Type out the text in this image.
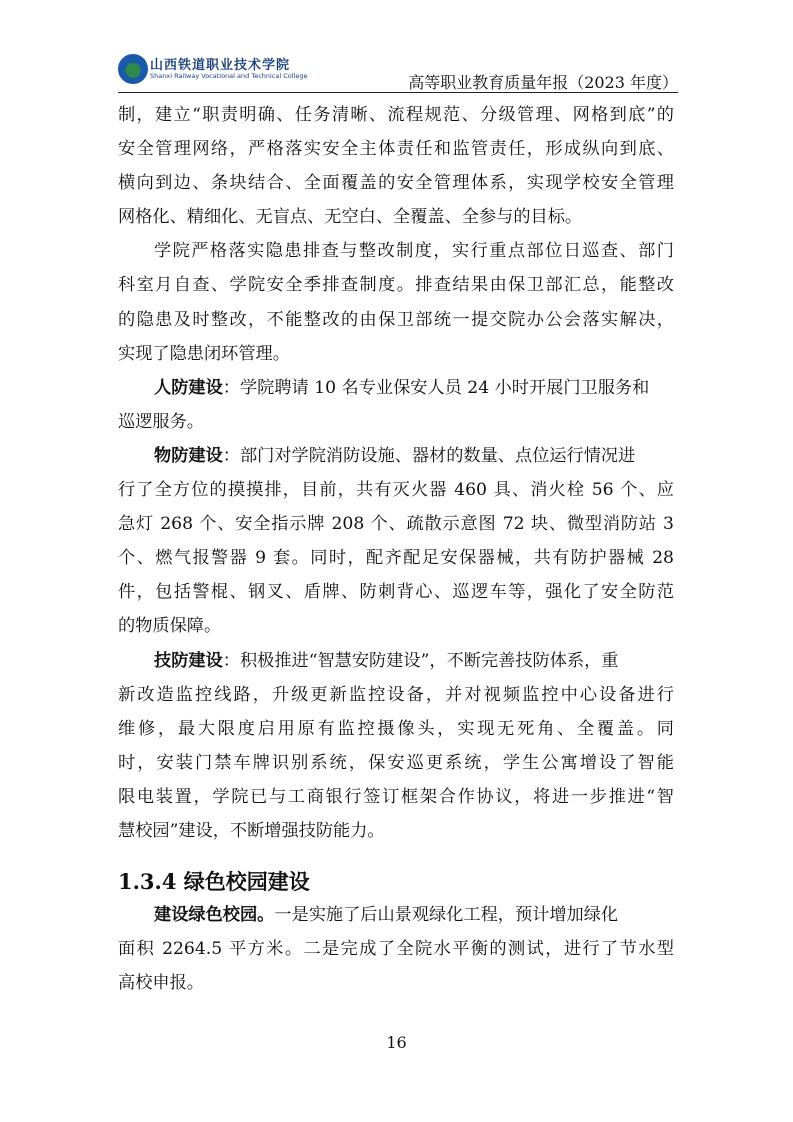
山西铁道职业技术学院
Shanxi Railway Vocational and Technical College	高等职业教育质量年报（2023 年度）
制，建立“职责明确、任务清晰、流程规范、分级管理、网格到底”的
安全管理网络，严格落实安全主体责任和监管责任，形成纵向到底、
横向到边、条块结合、全面覆盖的安全管理体系，实现学校安全管理
网格化、精细化、无盲点、无空白、全覆盖、全参与的目标。
学院严格落实隐患排查与整改制度，实行重点部位日巡查、部门
科室月自查、学院安全季排查制度。排查结果由保卫部汇总，能整改
的隐患及时整改，不能整改的由保卫部统一提交院办公会落实解决，
实现了隐患闭环管理。
人防建设：学院聘请 10 名专业保安人员 24 小时开展门卫服务和
巡逻服务。
物防建设：部门对学院消防设施、器材的数量、点位运行情况进
行了全方位的摸摸排，目前，共有灭火器 460 具、消火栓 56 个、应
急灯 268 个、安全指示牌 208 个、疏散示意图 72 块、微型消防站 3
个、燃气报警器 9 套。同时，配齐配足安保器械，共有防护器械 28
件，包括警棍、钢叉、盾牌、防刺背心、巡逻车等，强化了安全防范
的物质保障。
技防建设：积极推进“智慧安防建设”，不断完善技防体系，重
新改造监控线路，升级更新监控设备，并对视频监控中心设备进行
维修，最大限度启用原有监控摄像头，实现无死角、全覆盖。同
时，安装门禁车牌识别系统，保安巡更系统，学生公寓增设了智能
限电装置，学院已与工商银行签订框架合作协议，将进一步推进“智
慧校园”建设，不断增强技防能力。
1.3.4 绿色校园建设
建设绿色校园。一是实施了后山景观绿化工程，预计增加绿化
面积 2264.5 平方米。二是完成了全院水平衡的测试，进行了节水型
高校申报。
16
